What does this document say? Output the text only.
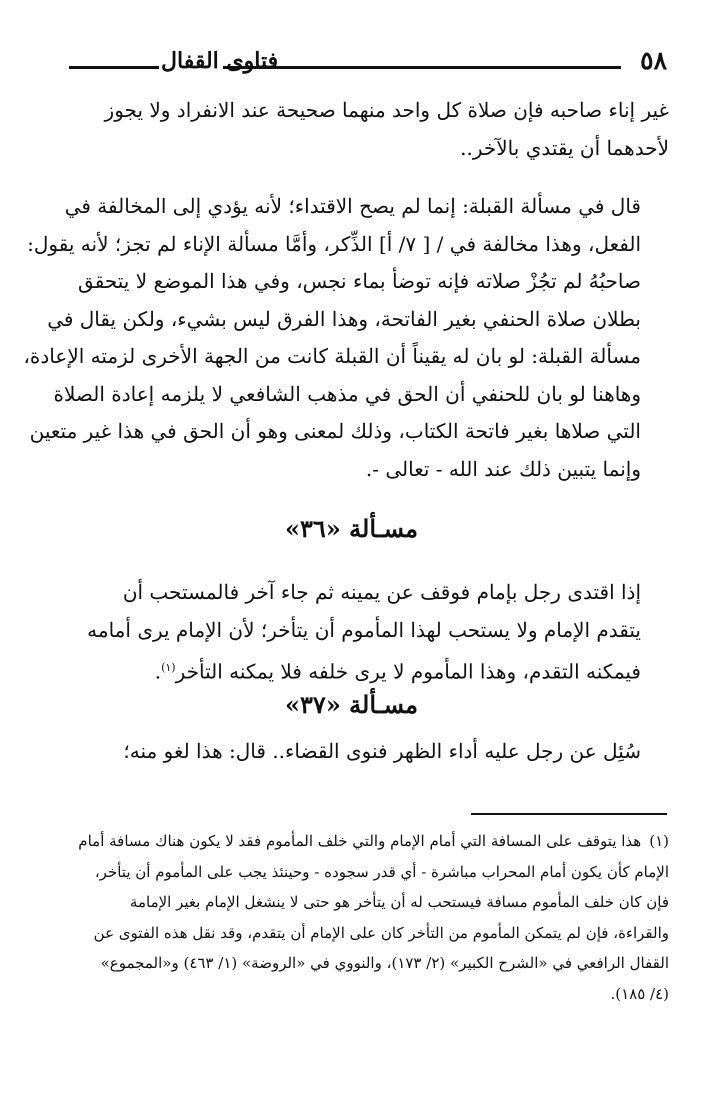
٥٨
فتاوى القفال
غير إناء صاحبه فإن صلاة كل واحد منهما صحيحة عند الانفراد ولا يجوز
لأحدهما أن يقتدي بالآخر..
قال في مسألة القبلة: إنما لم يصح الاقتداء؛ لأنه يؤدي إلى المخالفة في
الفعل، وهذا مخالفة في / [ ٧/ أ] الذِّكر، وأمَّا مسألة الإناء لم تجز؛ لأنه يقول:
صاحبُهُ لم تجُزْ صلاته فإنه توضأ بماء نجس، وفي هذا الموضع لا يتحقق
بطلان صلاة الحنفي بغير الفاتحة، وهذا الفرق ليس بشيء، ولكن يقال في
مسألة القبلة: لو بان له يقيناً أن القبلة كانت من الجهة الأخرى لزمته الإعادة،
وهاهنا لو بان للحنفي أن الحق في مذهب الشافعي لا يلزمه إعادة الصلاة
التي صلاها بغير فاتحة الكتاب، وذلك لمعنى وهو أن الحق في هذا غير متعين
وإنما يتبين ذلك عند الله - تعالى -.
مسـألة «٣٦»
إذا اقتدى رجل بإمام فوقف عن يمينه ثم جاء آخر فالمستحب أن
يتقدم الإمام ولا يستحب لهذا المأموم أن يتأخر؛ لأن الإمام يرى أمامه
فيمكنه التقدم، وهذا المأموم لا يرى خلفه فلا يمكنه التأخر$^{(١)}$.
مسـألة «٣٧»
سُئِل عن رجل عليه أداء الظهر فنوى القضاء.. قال: هذا لغو منه؛
(١)هذا يتوقف على المسافة التي أمام الإمام والتي خلف المأموم فقد لا يكون هناك مسافة أمام
الإمام كأن يكون أمام المحراب مباشرة - أي قدر سجوده - وحينئذ يجب على المأموم أن يتأخر،
فإن كان خلف المأموم مسافة فيستحب له أن يتأخر هو حتى لا ينشغل الإمام بغير الإمامة
والقراءة، فإن لم يتمكن المأموم من التأخر كان على الإمام أن يتقدم، وقد نقل هذه الفتوى عن
القفال الرافعي في «الشرح الكبير» (٢/ ١٧٣)، والنووي في «الروضة» (١/ ٤٦٣) و«المجموع»
(٤/ ١٨٥).
